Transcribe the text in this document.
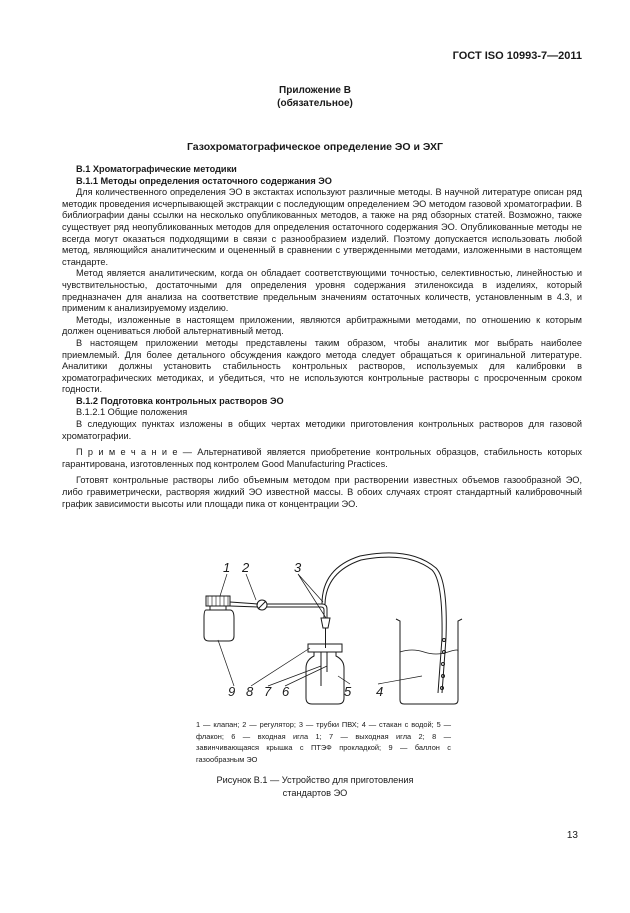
ГОСТ ISO 10993-7—2011
Приложение В
(обязательное)
Газохроматографическое определение ЭО и ЭХГ
В.1 Хроматографические методики
В.1.1 Методы определения остаточного содержания ЭО

Для количественного определения ЭО в экстактах используют различные методы. В научной литературе описан ряд методик проведения исчерпывающей экстракции с последующим определением ЭО методом газовой хроматографии. В библиографии даны ссылки на несколько опубликованных методов, а также на ряд обзорных статей. Возможно, также существует ряд неопубликованных методов для определения остаточного содержания ЭО. Опубликованные методы не всегда могут оказаться подходящими в связи с разнообразием изделий. Поэтому допускается использовать любой метод, являющийся аналитическим и оцененный в сравнении с утвержденными методами, изложенными в настоящем стандарте.

Метод является аналитическим, когда он обладает соответствующими точностью, селективностью, линейностью и чувствительностью, достаточными для определения уровня содержания этиленоксида в изделиях, который предназначен для анализа на соответствие предельным значениям остаточных количеств, установленным в 4.3, и применим к анализируемому изделию.

Методы, изложенные в настоящем приложении, являются арбитражными методами, по отношению к которым должен оцениваться любой альтернативный метод.

В настоящем приложении методы представлены таким образом, чтобы аналитик мог выбрать наиболее приемлемый. Для более детального обсуждения каждого метода следует обращаться к оригинальной литературе. Аналитики должны установить стабильность контрольных растворов, используемых для калибровки в хроматографических методиках, и убедиться, что не используются контрольные растворы с просроченным сроком годности.

В.1.2 Подготовка контрольных растворов ЭО
В.1.2.1 Общие положения

В следующих пунктах изложены в общих чертах методики приготовления контрольных растворов для газовой хроматографии.

П р и м е ч а н и е — Альтернативой является приобретение контрольных образцов, стабильность которых гарантирована, изготовленных под контролем Good Manufacturing Practices.

Готовят контрольные растворы либо объемным методом при растворении известных объемов газообразной ЭО, либо гравиметрически, растворяя жидкий ЭО известной массы. В обоих случаях строят стандартный калибровочный график зависимости высоты или площади пика от концентрации ЭО.

1 2	3
9 8 7 6	5 4
1 — клапан; 2 — регулятор; 3 — трубки ПВХ; 4 — стакан с водой; 5 — флакон; 6 — входная игла 1; 7 — выходная игла 2; 8 — завинчивающаяся крышка с ПТЭФ прокладкой; 9 — баллон с газообразным ЭО
Рисунок В.1 — Устройство для приготовления
стандартов ЭО
13
